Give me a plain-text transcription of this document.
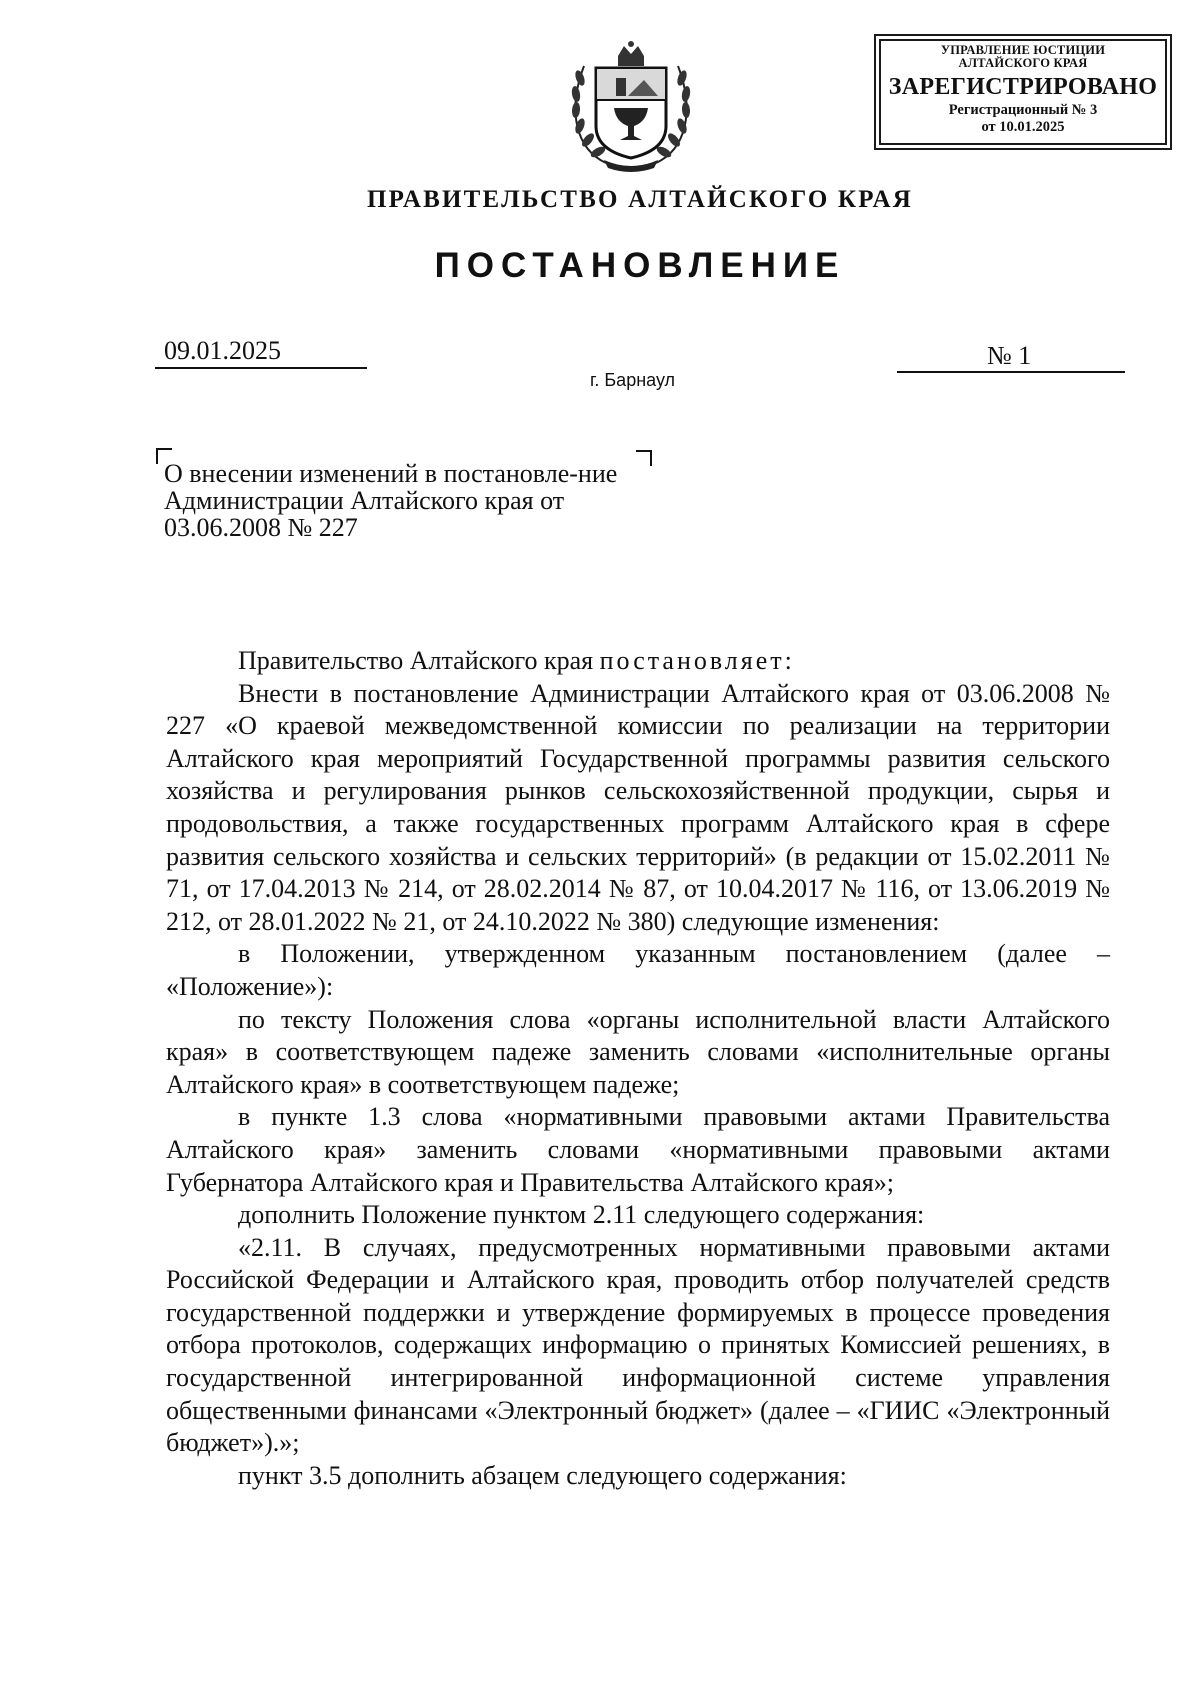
УПРАВЛЕНИЕ ЮСТИЦИИ
АЛТАЙСКОГО КРАЯ
ЗАРЕГИСТРИРОВАНО
Регистрационный № 3
от 10.01.2025
ПРАВИТЕЛЬСТВО АЛТАЙСКОГО КРАЯ
ПОСТАНОВЛЕНИЕ
09.01.2025	№ 1
г. Барнаул

О внесении изменений в постановле-ние Администрации Алтайского края от 03.06.2008 № 227

Правительство Алтайского края постановляет:

Внести в постановление Администрации Алтайского края от 03.06.2008 № 227 «О краевой межведомственной комиссии по реализации на территории Алтайского края мероприятий Государственной программы развития сельского хозяйства и регулирования рынков сельскохозяйственной продукции, сырья и продовольствия, а также государственных программ Алтайского края в сфере развития сельского хозяйства и сельских территорий» (в редакции от 15.02.2011 № 71, от 17.04.2013 № 214, от 28.02.2014 № 87, от 10.04.2017 № 116, от 13.06.2019 № 212, от 28.01.2022 № 21, от 24.10.2022 № 380) следующие изменения:

в Положении, утвержденном указанным постановлением (далее – «Положение»):

по тексту Положения слова «органы исполнительной власти Алтайского края» в соответствующем падеже заменить словами «исполнительные органы Алтайского края» в соответствующем падеже;

в пункте 1.3 слова «нормативными правовыми актами Правительства Алтайского края» заменить словами «нормативными правовыми актами Губернатора Алтайского края и Правительства Алтайского края»;

дополнить Положение пунктом 2.11 следующего содержания:

«2.11. В случаях, предусмотренных нормативными правовыми актами Российской Федерации и Алтайского края, проводить отбор получателей средств государственной поддержки и утверждение формируемых в процессе проведения отбора протоколов, содержащих информацию о принятых Комиссией решениях, в государственной интегрированной информационной системе управления общественными финансами «Электронный бюджет» (далее – «ГИИС «Электронный бюджет»).»;

пункт 3.5 дополнить абзацем следующего содержания:
